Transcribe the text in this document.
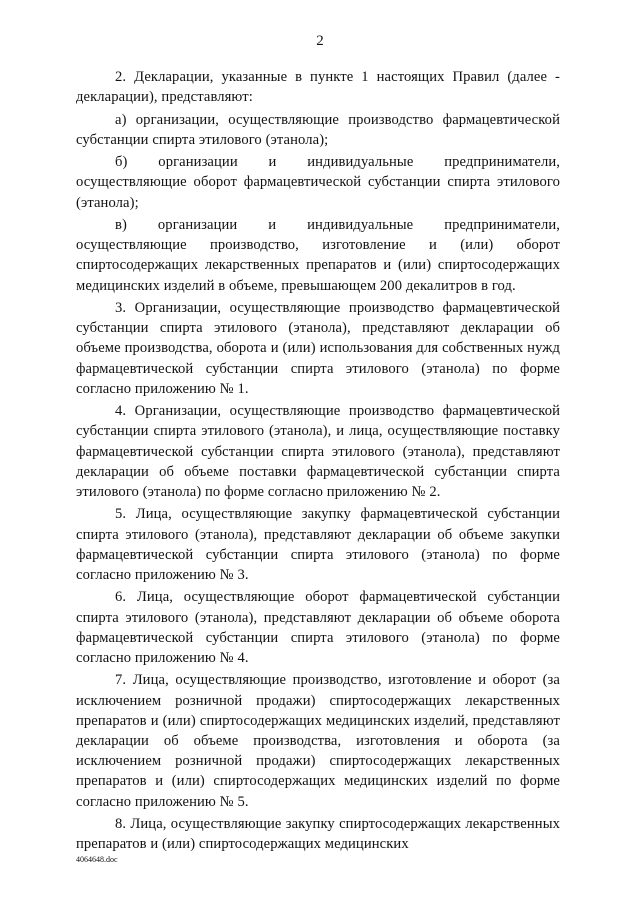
2

2. Декларации, указанные в пункте 1 настоящих Правил (далее - декларации), представляют:

а) организации, осуществляющие производство фармацевтической субстанции спирта этилового (этанола);

б) организации и индивидуальные предприниматели, осуществляющие оборот фармацевтической субстанции спирта этилового (этанола);

в) организации и индивидуальные предприниматели, осуществляющие производство, изготовление и (или) оборот спиртосодержащих лекарственных препаратов и (или) спиртосодержащих медицинских изделий в объеме, превышающем 200 декалитров в год.

3. Организации, осуществляющие производство фармацевтической субстанции спирта этилового (этанола), представляют декларации об объеме производства, оборота и (или) использования для собственных нужд фармацевтической субстанции спирта этилового (этанола) по форме согласно приложению № 1.

4. Организации, осуществляющие производство фармацевтической субстанции спирта этилового (этанола), и лица, осуществляющие поставку фармацевтической субстанции спирта этилового (этанола), представляют декларации об объеме поставки фармацевтической субстанции спирта этилового (этанола) по форме согласно приложению № 2.

5. Лица, осуществляющие закупку фармацевтической субстанции спирта этилового (этанола), представляют декларации об объеме закупки фармацевтической субстанции спирта этилового (этанола) по форме согласно приложению № 3.

6. Лица, осуществляющие оборот фармацевтической субстанции спирта этилового (этанола), представляют декларации об объеме оборота фармацевтической субстанции спирта этилового (этанола) по форме согласно приложению № 4.

7. Лица, осуществляющие производство, изготовление и оборот (за исключением розничной продажи) спиртосодержащих лекарственных препаратов и (или) спиртосодержащих медицинских изделий, представляют декларации об объеме производства, изготовления и оборота (за исключением розничной продажи) спиртосодержащих лекарственных препаратов и (или) спиртосодержащих медицинских изделий по форме согласно приложению № 5.

8. Лица, осуществляющие закупку спиртосодержащих лекарственных препаратов и (или) спиртосодержащих медицинских

4064648.doc
